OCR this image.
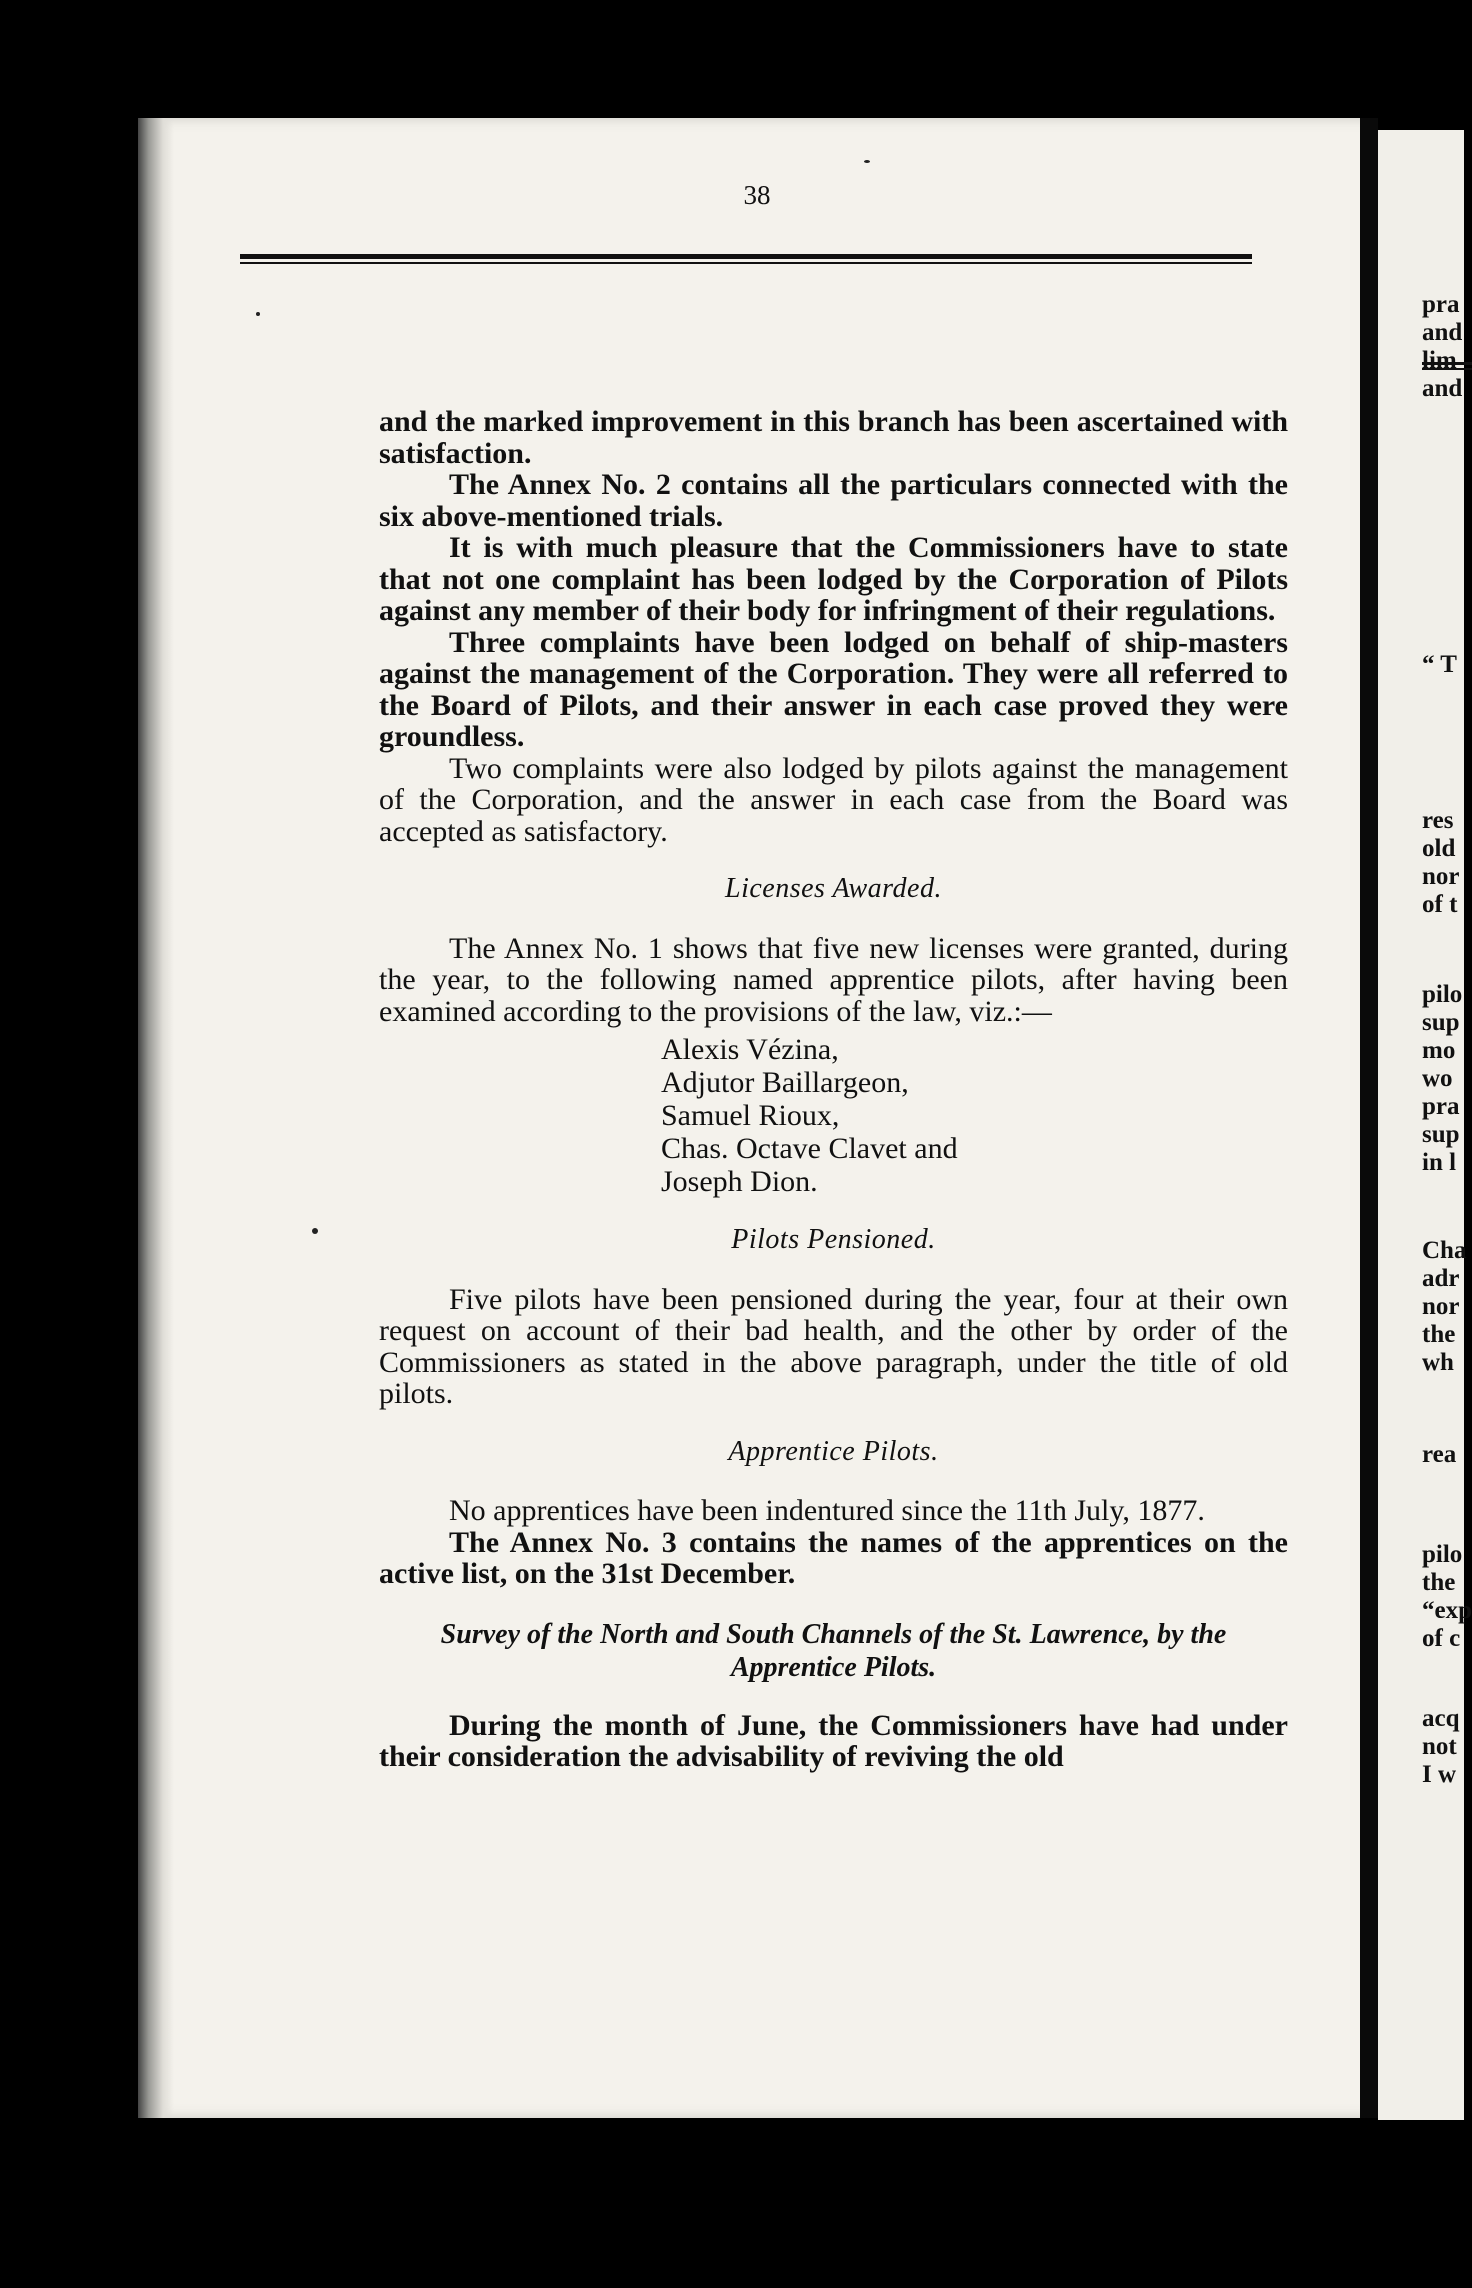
pra
and
lim
and
“ T
res
old
nor
of t
pilo
sup
mo
wo
pra
sup
in l
Cha
adr
nor
the
wh
rea
pilo
the
“exp
of c
acq
not
I w
38

and the marked improvement in this branch has been ascertained with satisfaction.

The Annex No. 2 contains all the particulars connected with the six above-mentioned trials.

It is with much pleasure that the Commissioners have to state that not one complaint has been lodged by the Corporation of Pilots against any member of their body for infringment of their regulations.

Three complaints have been lodged on behalf of ship-masters against the management of the Corporation. They were all referred to the Board of Pilots, and their answer in each case proved they were groundless.

Two complaints were also lodged by pilots against the management of the Corporation, and the answer in each case from the Board was accepted as satisfactory.

Licenses Awarded.

The Annex No. 1 shows that five new licenses were granted, during the year, to the following named apprentice pilots, after having been examined according to the provisions of the law, viz.:—

Alexis Vézina,
Adjutor Baillargeon,
Samuel Rioux,
Chas. Octave Clavet and
Joseph Dion.
Pilots Pensioned.

Five pilots have been pensioned during the year, four at their own request on account of their bad health, and the other by order of the Commissioners as stated in the above paragraph, under the title of old pilots.

Apprentice Pilots.

No apprentices have been indentured since the 11th July, 1877.

The Annex No. 3 contains the names of the apprentices on the active list, on the 31st December.

Survey of the North and South Channels of the St. Lawrence, by the Apprentice Pilots.

During the month of June, the Commissioners have had under their consideration the advisability of reviving the old
